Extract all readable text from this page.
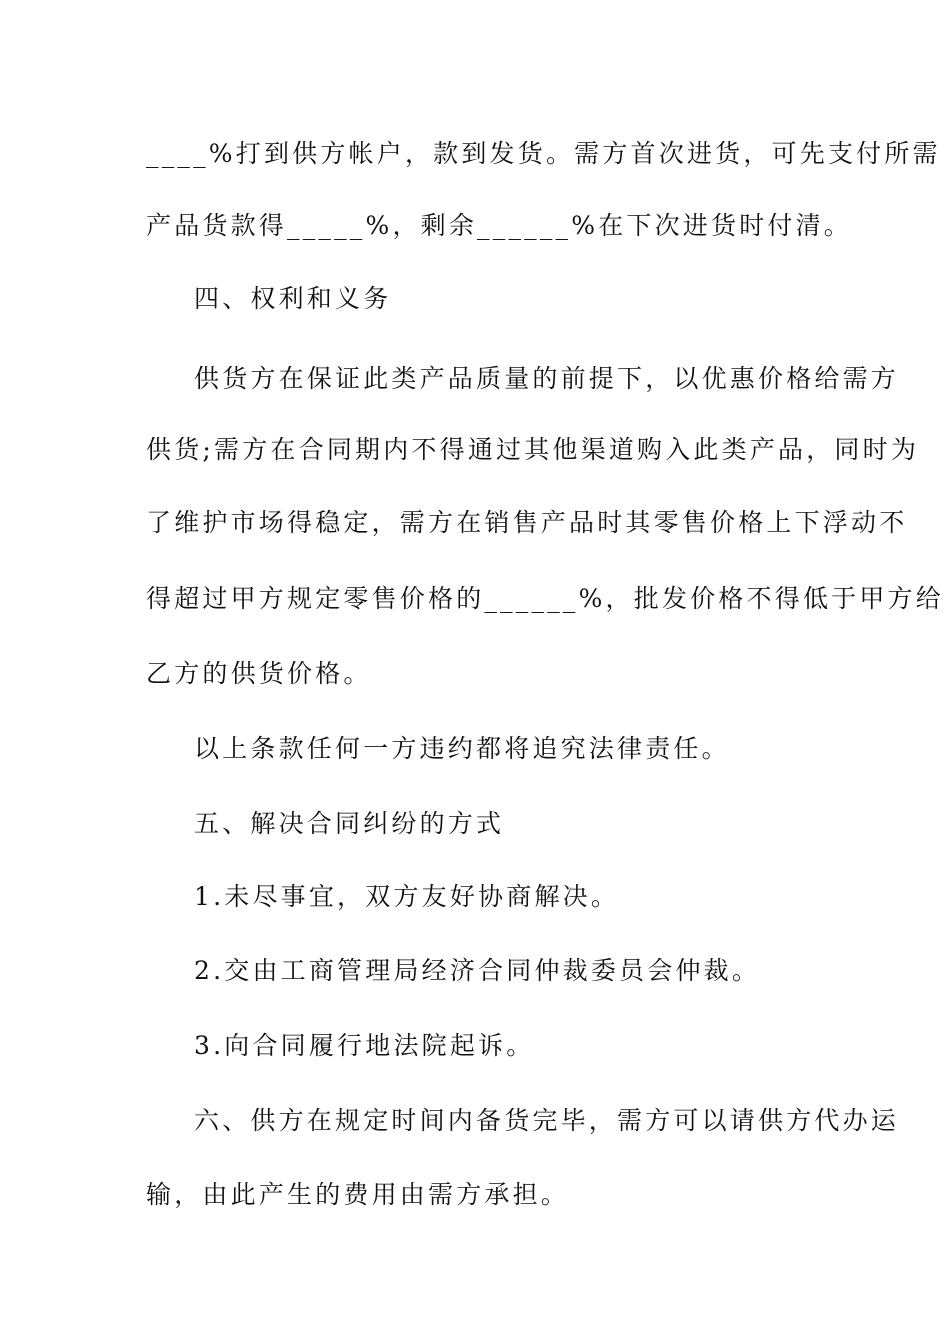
____%打到供方帐户，款到发货。需方首次进货，可先支付所需
产品货款得_____%，剩余______%在下次进货时付清。
四、权利和义务
供货方在保证此类产品质量的前提下，以优惠价格给需方
供货;需方在合同期内不得通过其他渠道购入此类产品，同时为
了维护市场得稳定，需方在销售产品时其零售价格上下浮动不
得超过甲方规定零售价格的______%，批发价格不得低于甲方给
乙方的供货价格。
以上条款任何一方违约都将追究法律责任。
五、解决合同纠纷的方式
1.未尽事宜，双方友好协商解决。
2.交由工商管理局经济合同仲裁委员会仲裁。
3.向合同履行地法院起诉。
六、供方在规定时间内备货完毕，需方可以请供方代办运
输，由此产生的费用由需方承担。
